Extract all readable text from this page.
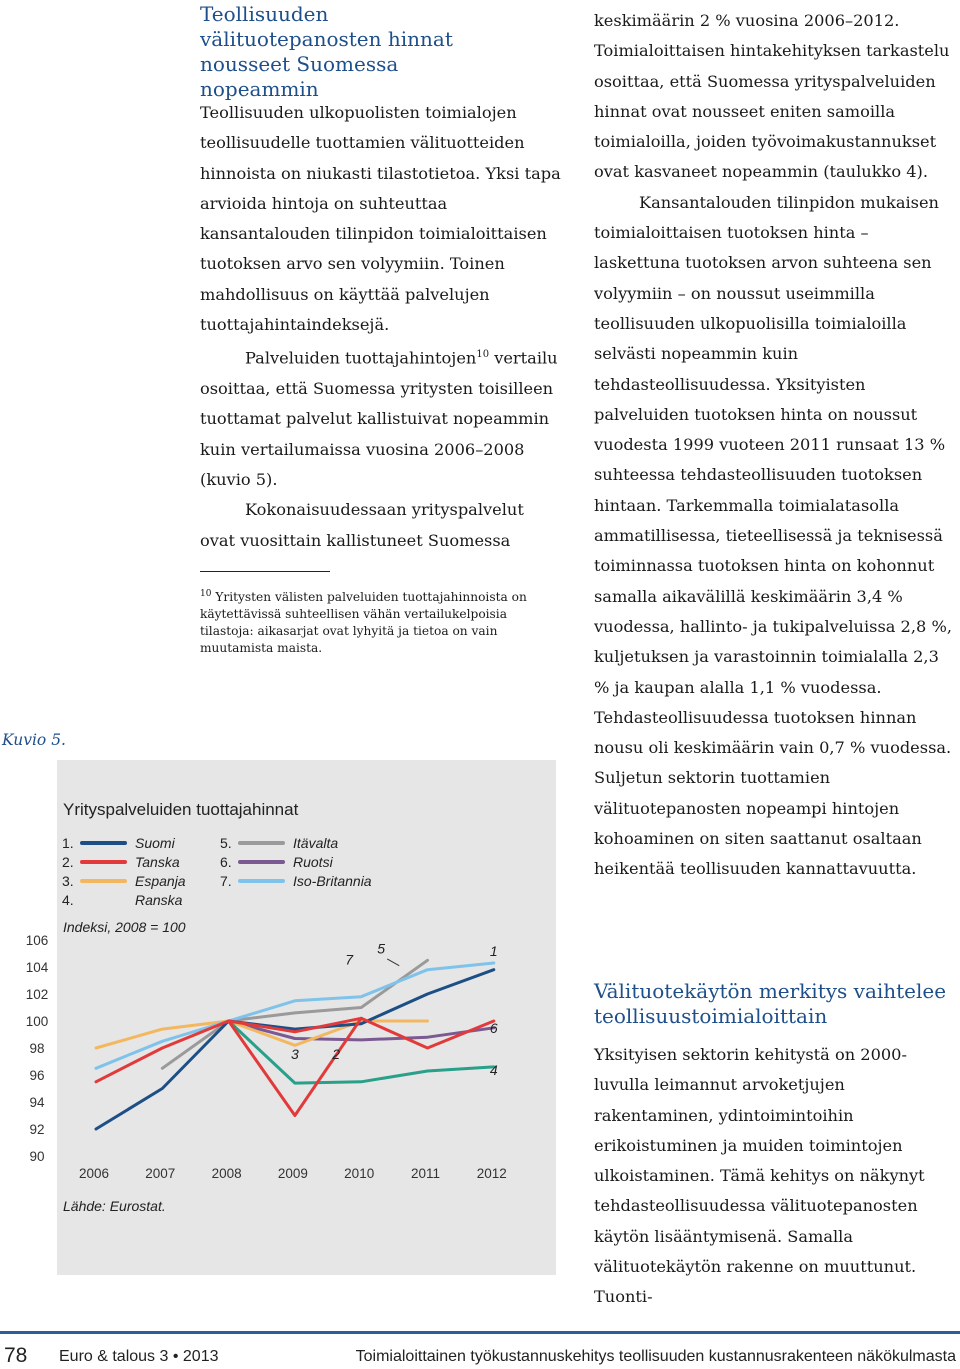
Teollisuuden välituotepanosten hinnat nousseet Suomessa nopeammin

Teollisuuden ulkopuolisten toimialojen teollisuudelle tuottamien välituotteiden hinnoista on niukasti tilastotietoa. Yksi tapa arvioida hintoja on suhteuttaa kansantalouden tilinpidon toimialoittaisen tuotoksen arvo sen volyymiin. Toinen mahdollisuus on käyttää palvelujen tuottajahintaindeksejä.

Palveluiden tuottajahintojen$^{10}$ vertailu osoittaa, että Suomessa yritysten toisilleen tuottamat palvelut kallistuivat nopeammin kuin vertailumaissa vuosina 2006–2008 (kuvio 5).

Kokonaisuudessaan yrityspalvelut ovat vuosittain kallistuneet Suomessa

$^{10}$ Yritysten välisten palveluiden tuottajahinnoista on käytettävissä suhteellisen vähän vertailukelpoisia tilastoja: aikasarjat ovat lyhyitä ja tietoa on vain muutamista maista.

keskimäärin 2 % vuosina 2006–2012. Toimialoittaisen hintakehityksen tarkastelu osoittaa, että Suomessa yrityspalveluiden hinnat ovat nousseet eniten samoilla toimialoilla, joiden työvoimakustannukset ovat kasvaneet nopeammin (taulukko 4).

Kansantalouden tilinpidon mukaisen toimialoittaisen tuotoksen hinta – laskettuna tuotoksen arvon suhteena sen volyymiin – on noussut useimmilla teollisuuden ulkopuolisilla toimialoilla selvästi nopeammin kuin tehdasteollisuudessa. Yksityisten palveluiden tuotoksen hinta on noussut vuodesta 1999 vuoteen 2011 runsaat 13 % suhteessa tehdasteollisuuden tuotoksen hintaan. Tarkemmalla toimialatasolla ammatillisessa, tieteellisessä ja teknisessä toiminnassa tuotoksen hinta on kohonnut samalla aikavälillä keskimäärin 3,4 % vuodessa, hallinto- ja tukipalveluissa 2,8 %, kuljetuksen ja varastoinnin toimialalla 2,3 % ja kaupan alalla 1,1 % vuodessa. Tehdasteollisuudessa tuotoksen hinnan nousu oli keskimäärin vain 0,7 % vuodessa. Suljetun sektorin tuottamien välituotepanosten nopeampi hintojen kohoaminen on siten saattanut osaltaan heikentää teollisuuden kannattavuutta.

Välituotekäytön merkitys vaihtelee teollisuustoimialoittain

Yksityisen sektorin kehitystä on 2000-luvulla leimannut arvoketjujen rakentaminen, ydintoimintoihin erikoistuminen ja muiden toimintojen ulkoistaminen. Tämä kehitys on näkynyt tehdasteollisuudessa välituotepanosten käytön lisääntymisenä. Samalla välituotekäytön rakenne on muuttunut. Tuonti-

Kuvio 5.
Yrityspalveluiden tuottajahinnat
1.	Suomi
2.	Tanska
3.	Espanja
4.	Ranska
5.	Itävalta
6.	Ruotsi
7.	Iso-Britannia
Indeksi, 2008 = 100
90
92
94
96
98
100
102
104
106
2006	2007	2008	2009	2010	2011	2012
1
2
3
4
5
6
7
Lähde: Eurostat.
78 Euro & talous 3 • 2013	Toimialoittainen työkustannuskehitys teollisuuden kustannusrakenteen näkökulmasta
